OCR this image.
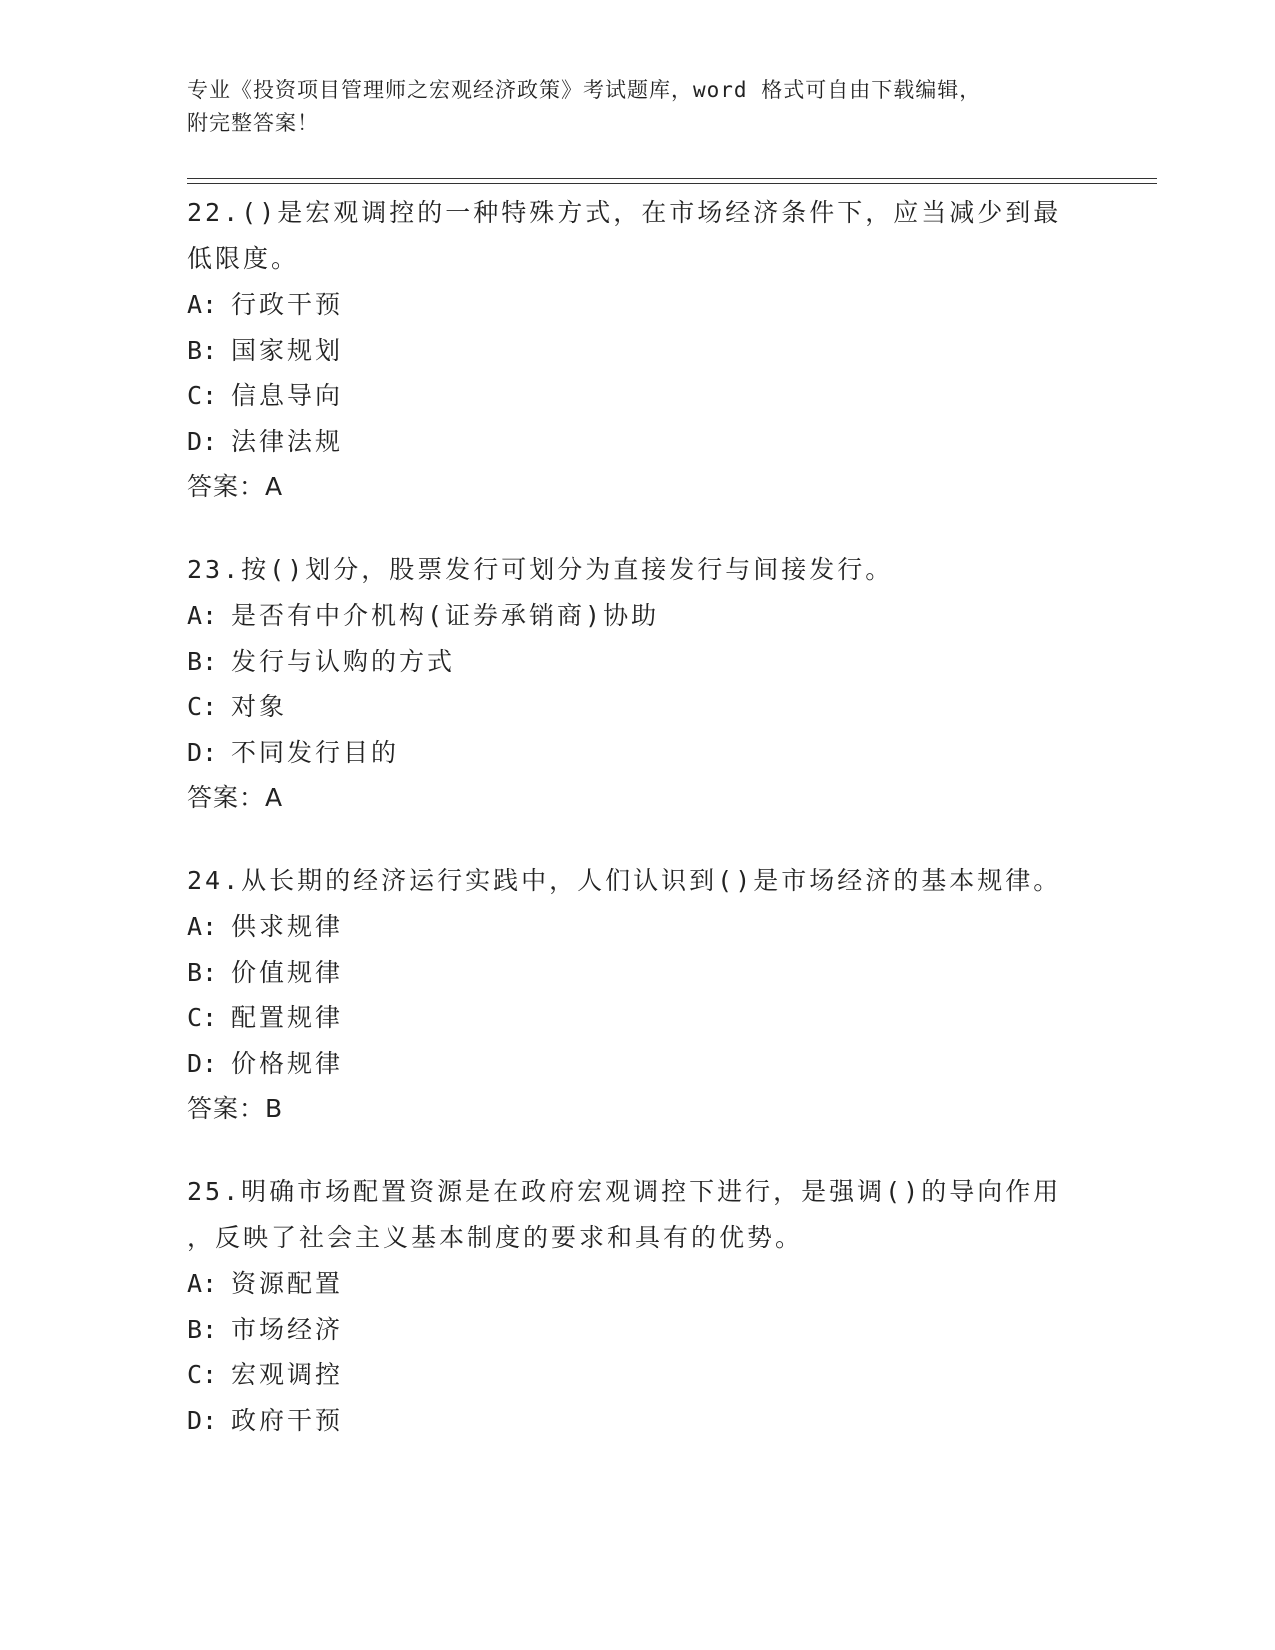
专业《投资项目管理师之宏观经济政策》考试题库，word 格式可自由下载编辑，
附完整答案！

22.()是宏观调控的一种特殊方式，在市场经济条件下，应当减少到最

低限度。

A: 行政干预

B: 国家规划

C: 信息导向

D: 法律法规

答案：A

23.按()划分，股票发行可划分为直接发行与间接发行。

A: 是否有中介机构(证券承销商)协助

B: 发行与认购的方式

C: 对象

D: 不同发行目的

答案：A

24.从长期的经济运行实践中，人们认识到()是市场经济的基本规律。

A: 供求规律

B: 价值规律

C: 配置规律

D: 价格规律

答案：B

25.明确市场配置资源是在政府宏观调控下进行，是强调()的导向作用

，反映了社会主义基本制度的要求和具有的优势。

A: 资源配置

B: 市场经济

C: 宏观调控

D: 政府干预
